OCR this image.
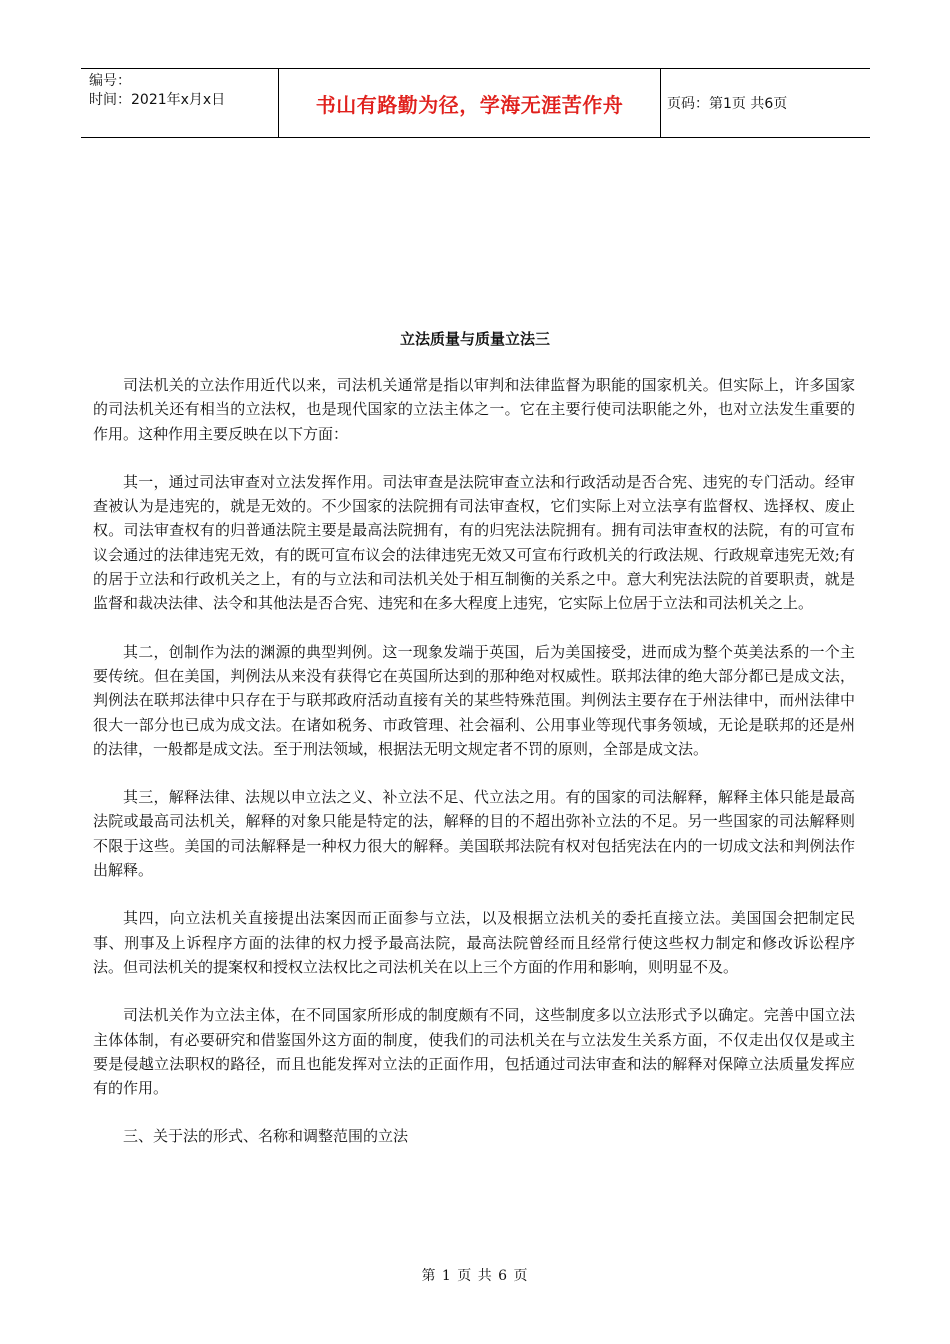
编号：
时间：2021年x月x日	书山有路勤为径，学海无涯苦作舟	页码：第1页 共6页
立法质量与质量立法三

司法机关的立法作用近代以来，司法机关通常是指以审判和法律监督为职能的国家机关。但实际上，许多国家的司法机关还有相当的立法权，也是现代国家的立法主体之一。它在主要行使司法职能之外，也对立法发生重要的作用。这种作用主要反映在以下方面：

其一，通过司法审查对立法发挥作用。司法审查是法院审查立法和行政活动是否合宪、违宪的专门活动。经审查被认为是违宪的，就是无效的。不少国家的法院拥有司法审查权，它们实际上对立法享有监督权、选择权、废止权。司法审查权有的归普通法院主要是最高法院拥有，有的归宪法法院拥有。拥有司法审查权的法院，有的可宣布议会通过的法律违宪无效，有的既可宣布议会的法律违宪无效又可宣布行政机关的行政法规、行政规章违宪无效;有的居于立法和行政机关之上，有的与立法和司法机关处于相互制衡的关系之中。意大利宪法法院的首要职责，就是监督和裁决法律、法令和其他法是否合宪、违宪和在多大程度上违宪，它实际上位居于立法和司法机关之上。

其二，创制作为法的渊源的典型判例。这一现象发端于英国，后为美国接受，进而成为整个英美法系的一个主要传统。但在美国，判例法从来没有获得它在英国所达到的那种绝对权威性。联邦法律的绝大部分都已是成文法，判例法在联邦法律中只存在于与联邦政府活动直接有关的某些特殊范围。判例法主要存在于州法律中，而州法律中很大一部分也已成为成文法。在诸如税务、市政管理、社会福利、公用事业等现代事务领域，无论是联邦的还是州的法律，一般都是成文法。至于刑法领域，根据法无明文规定者不罚的原则，全部是成文法。

其三，解释法律、法规以申立法之义、补立法不足、代立法之用。有的国家的司法解释，解释主体只能是最高法院或最高司法机关，解释的对象只能是特定的法，解释的目的不超出弥补立法的不足。另一些国家的司法解释则不限于这些。美国的司法解释是一种权力很大的解释。美国联邦法院有权对包括宪法在内的一切成文法和判例法作出解释。

其四，向立法机关直接提出法案因而正面参与立法，以及根据立法机关的委托直接立法。美国国会把制定民事、刑事及上诉程序方面的法律的权力授予最高法院，最高法院曾经而且经常行使这些权力制定和修改诉讼程序法。但司法机关的提案权和授权立法权比之司法机关在以上三个方面的作用和影响，则明显不及。

司法机关作为立法主体，在不同国家所形成的制度颇有不同，这些制度多以立法形式予以确定。完善中国立法主体体制，有必要研究和借鉴国外这方面的制度，使我们的司法机关在与立法发生关系方面，不仅走出仅仅是或主要是侵越立法职权的路径，而且也能发挥对立法的正面作用，包括通过司法审查和法的解释对保障立法质量发挥应有的作用。

三、关于法的形式、名称和调整范围的立法

第 1 页 共 6 页
